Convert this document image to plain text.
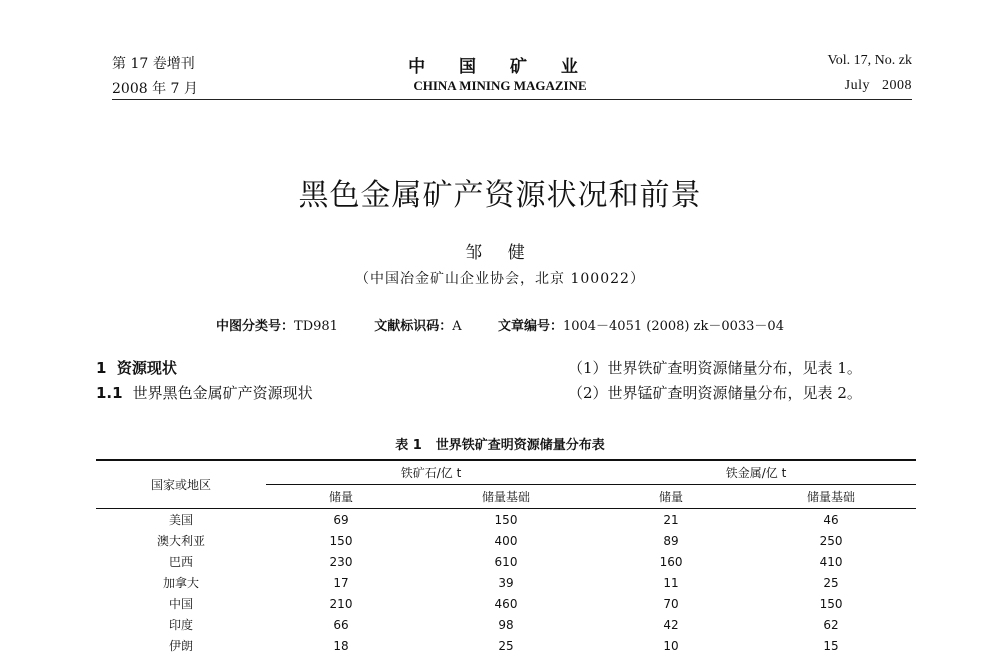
第 17 卷增刊
2008 年 7 月
中 国 矿 业
CHINA MINING MAGAZINE
Vol. 17, No. zk
July   2008
黑色金属矿产资源状况和前景
邹 健
（中国冶金矿山企业协会，北京 100022）
中图分类号：TD981	文献标识码：A	文章编号：1004－4051 (2008) zk－0033－04
1  资源现状
1.1 世界黑色金属矿产资源现状
（1）世界铁矿查明资源储量分布，见表 1。
（2）世界锰矿查明资源储量分布，见表 2。
表 1 世界铁矿查明资源储量分布表
国家或地区	铁矿石/亿 t		铁金属/亿 t	
	储量	储量基础	储量	储量基础
美国	69	150	21	46
澳大利亚	150	400	89	250
巴西	230	610	160	410
加拿大	17	39	11	25
中国	210	460	70	150
印度	66	98	42	62
伊朗	18	25	10	15
